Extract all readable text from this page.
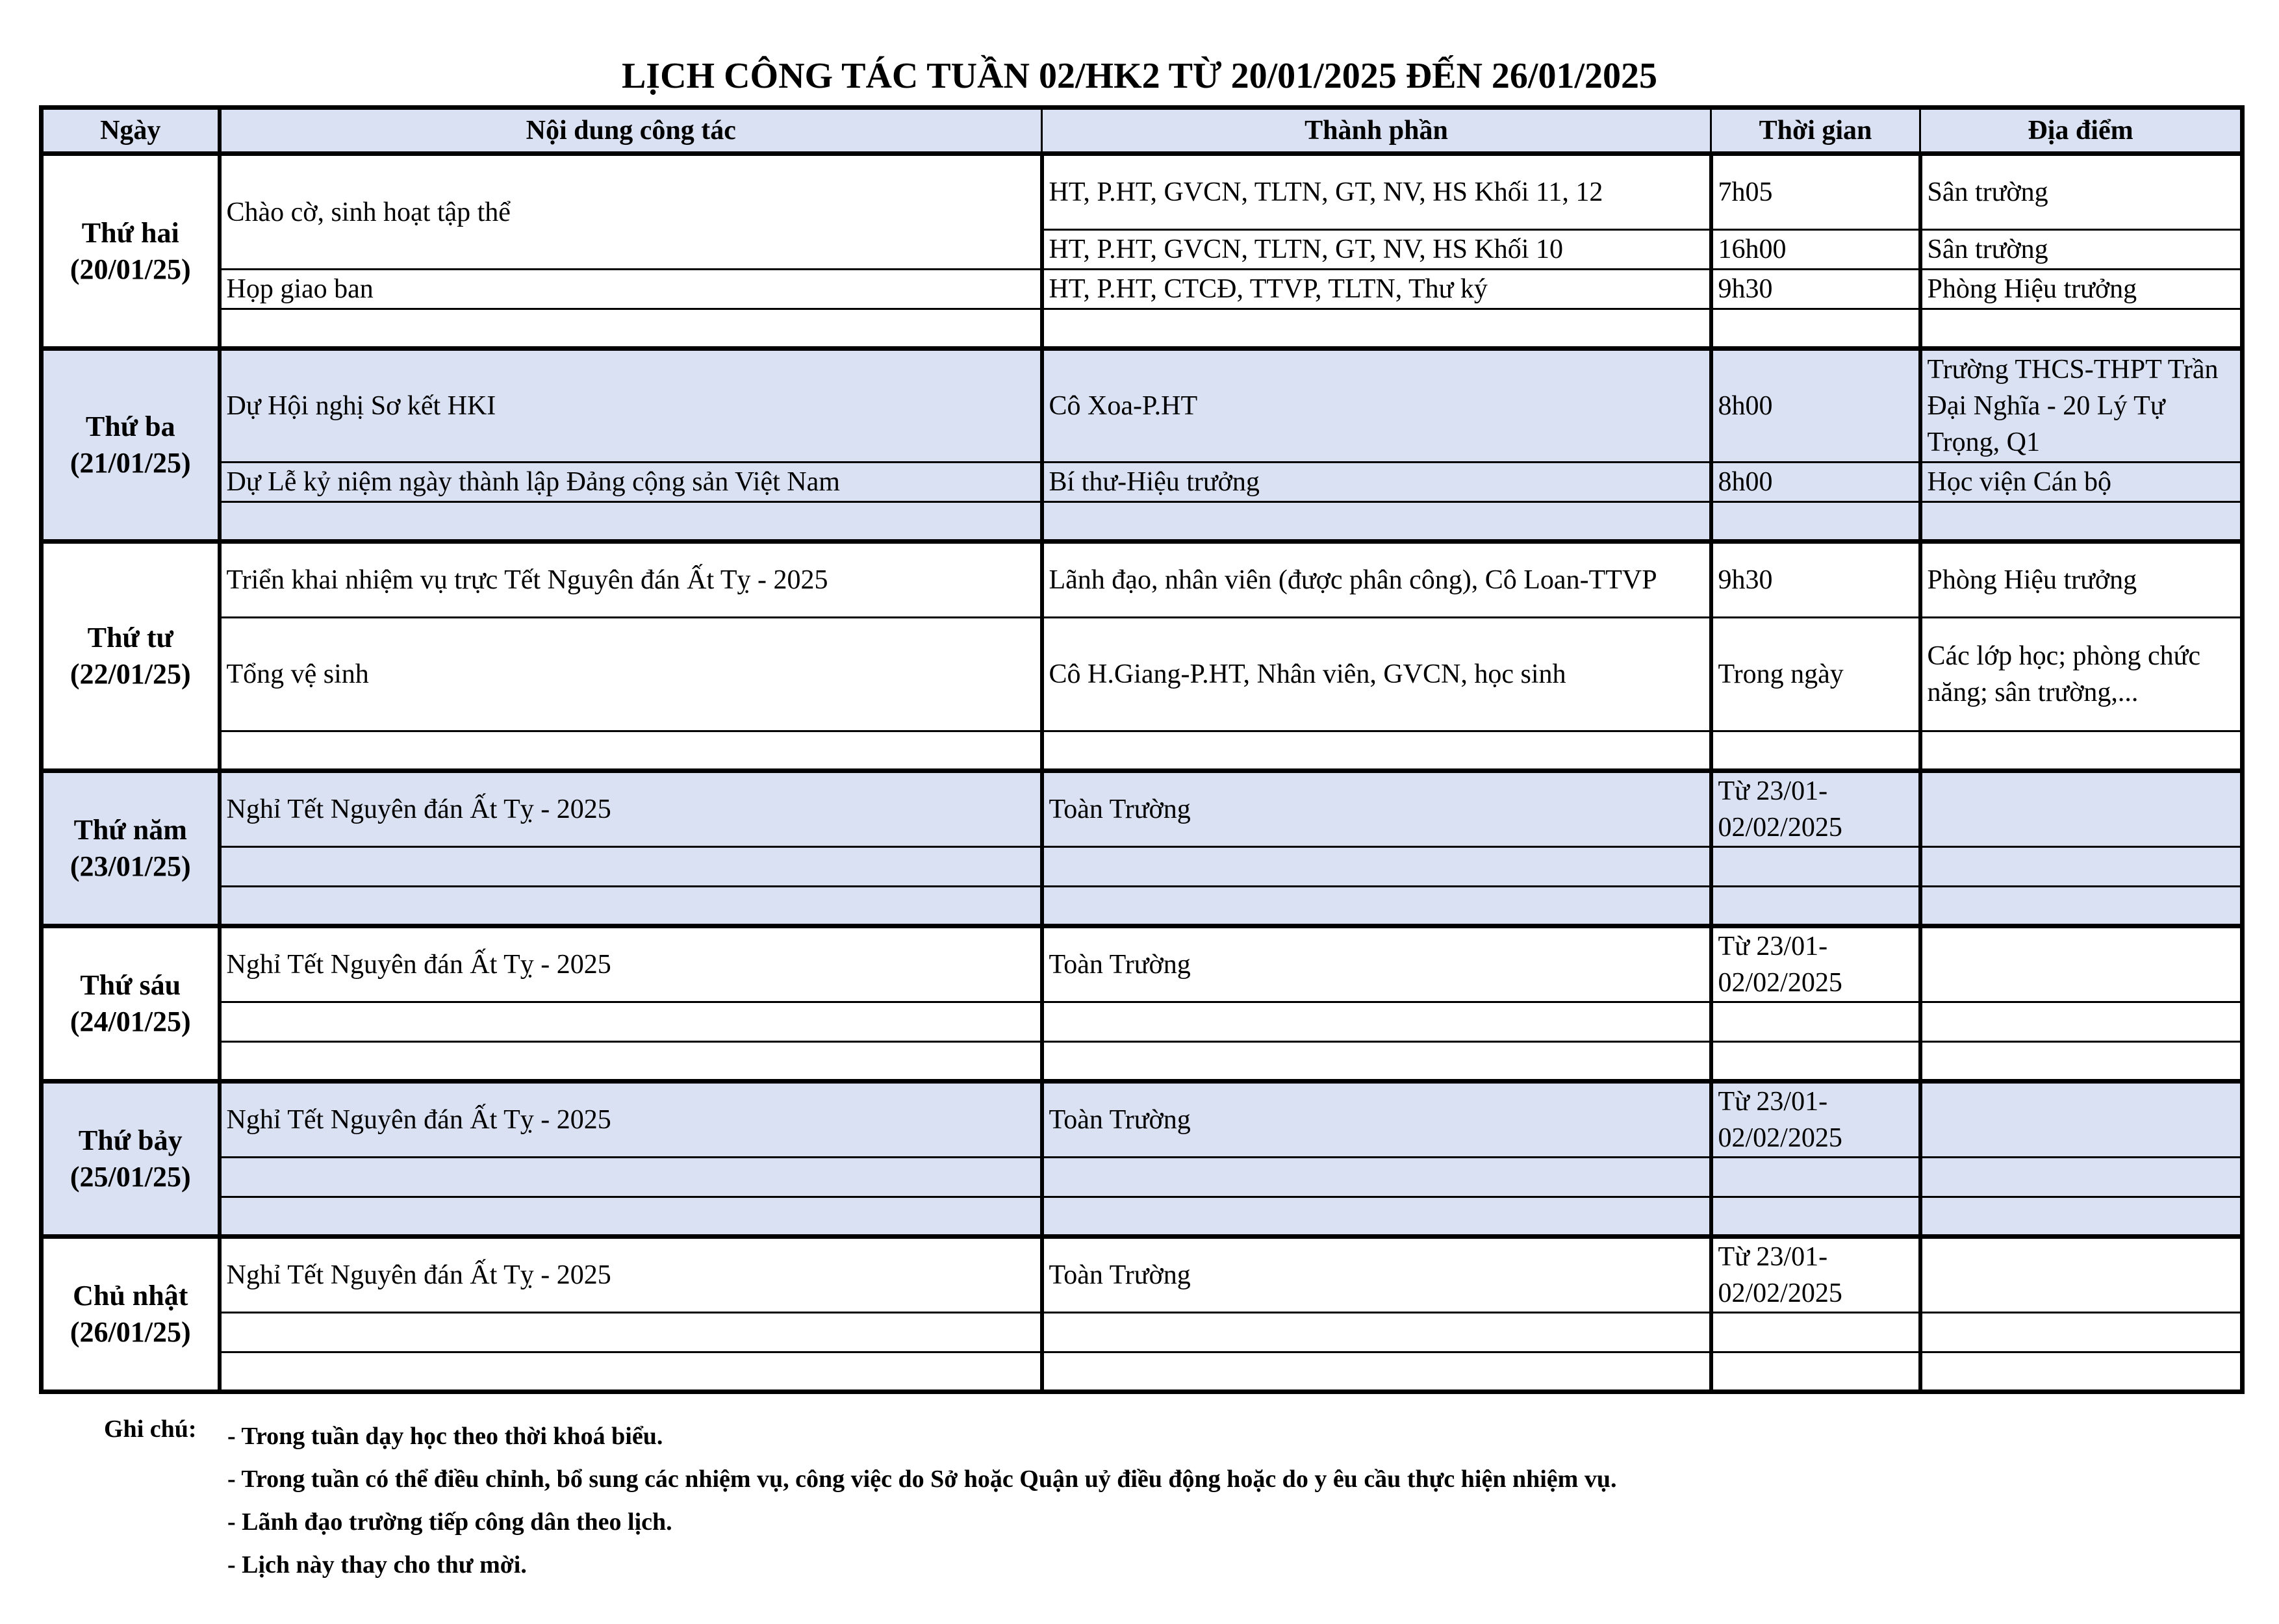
LỊCH CÔNG TÁC TUẦN 02/HK2 TỪ 20/01/2025 ĐẾN 26/01/2025
Ngày	Nội dung công tác	Thành phần	Thời gian	Địa điểm

Thứ hai
(20/01/25)	Chào cờ, sinh hoạt tập thể	HT, P.HT, GVCN, TLTN, GT, NV, HS Khối 11, 12	7h05	Sân trường
		HT, P.HT, GVCN, TLTN, GT, NV, HS Khối 10	16h00	Sân trường
	Họp giao ban	HT, P.HT, CTCĐ, TTVP, TLTN, Thư ký	9h30	Phòng Hiệu trưởng

Thứ ba
(21/01/25)	Dự Hội nghị Sơ kết HKI	Cô Xoa-P.HT	8h00	Trường THCS-THPT Trần Đại Nghĩa - 20 Lý Tự Trọng, Q1
	Dự Lễ kỷ niệm ngày thành lập Đảng cộng sản Việt Nam	Bí thư-Hiệu trưởng	8h00	Học viện Cán bộ

Thứ tư
(22/01/25)	Triển khai nhiệm vụ trực Tết Nguyên đán Ất Tỵ - 2025	Lãnh đạo, nhân viên (được phân công), Cô Loan-TTVP	9h30	Phòng Hiệu trưởng
	Tổng vệ sinh	Cô H.Giang-P.HT, Nhân viên, GVCN, học sinh	Trong ngày	Các lớp học; phòng chức năng; sân trường,...

Thứ năm
(23/01/25)	Nghỉ Tết Nguyên đán Ất Tỵ - 2025	Toàn Trường	Từ 23/01-02/02/2025	

Thứ sáu
(24/01/25)	Nghỉ Tết Nguyên đán Ất Tỵ - 2025	Toàn Trường	Từ 23/01-02/02/2025	

Thứ bảy
(25/01/25)	Nghỉ Tết Nguyên đán Ất Tỵ - 2025	Toàn Trường	Từ 23/01-02/02/2025	

Chủ nhật
(26/01/25)	Nghỉ Tết Nguyên đán Ất Tỵ - 2025	Toàn Trường	Từ 23/01-02/02/2025	

Ghi chú:	- Trong tuần dạy học theo thời khoá biểu.
- Trong tuần có thể điều chỉnh, bổ sung các nhiệm vụ, công việc do Sở hoặc Quận uỷ điều động hoặc do y êu cầu thực hiện nhiệm vụ.
- Lãnh đạo trường tiếp công dân theo lịch.
- Lịch này thay cho thư mời.
